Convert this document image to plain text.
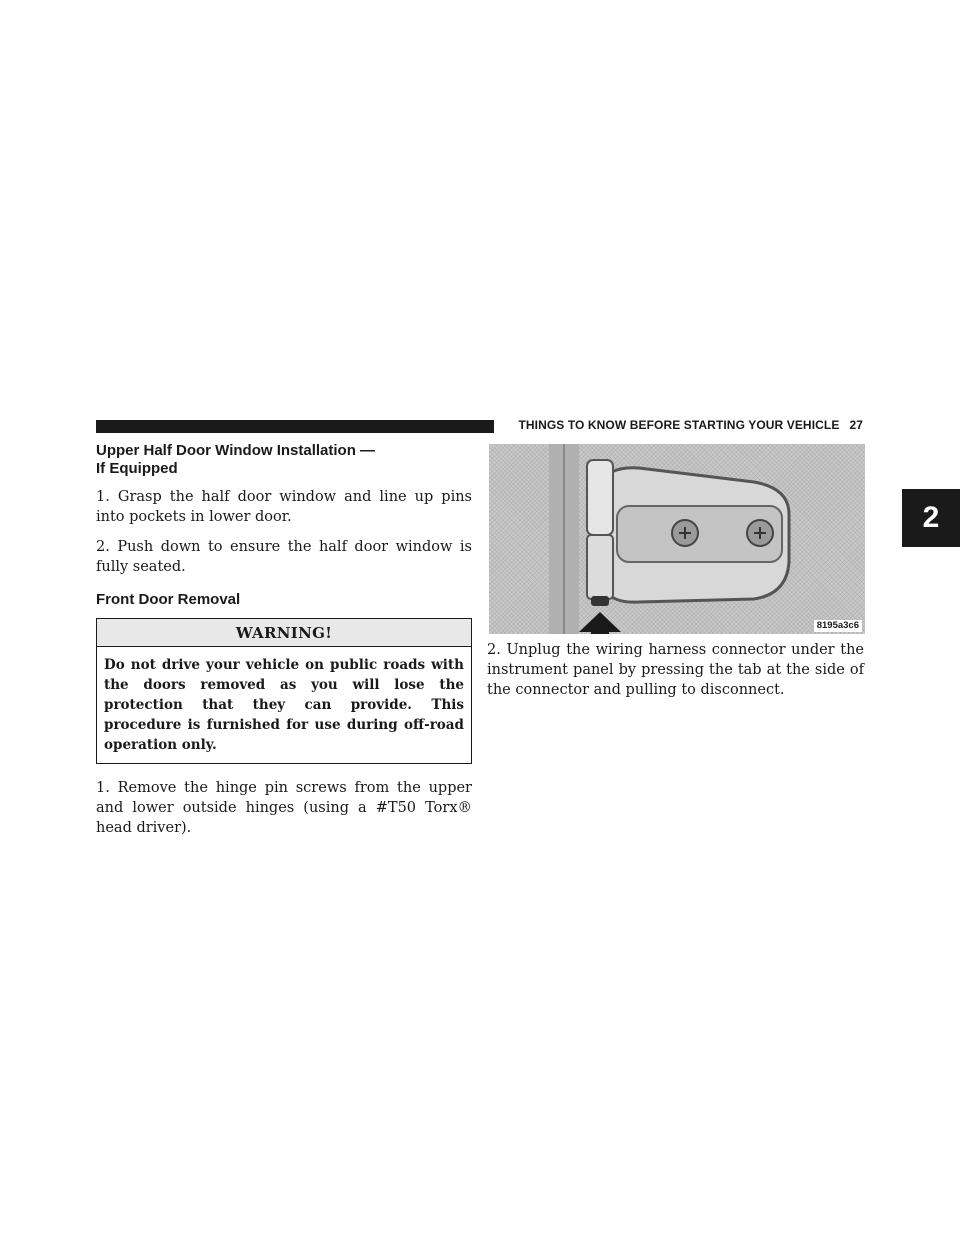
THINGS TO KNOW BEFORE STARTING YOUR VEHICLE 27
2
Upper Half Door Window Installation —
If Equipped

1. Grasp the half door window and line up pins into pockets in lower door.

2. Push down to ensure the half door window is fully seated.

Front Door Removal
WARNING!
Do not drive your vehicle on public roads with the doors removed as you will lose the protection that they can provide. This procedure is furnished for use during off-road operation only.

1. Remove the hinge pin screws from the upper and lower outside hinges (using a #T50 Torx® head driver).

8195a3c6

2. Unplug the wiring harness connector under the instrument panel by pressing the tab at the side of the connector and pulling to disconnect.
